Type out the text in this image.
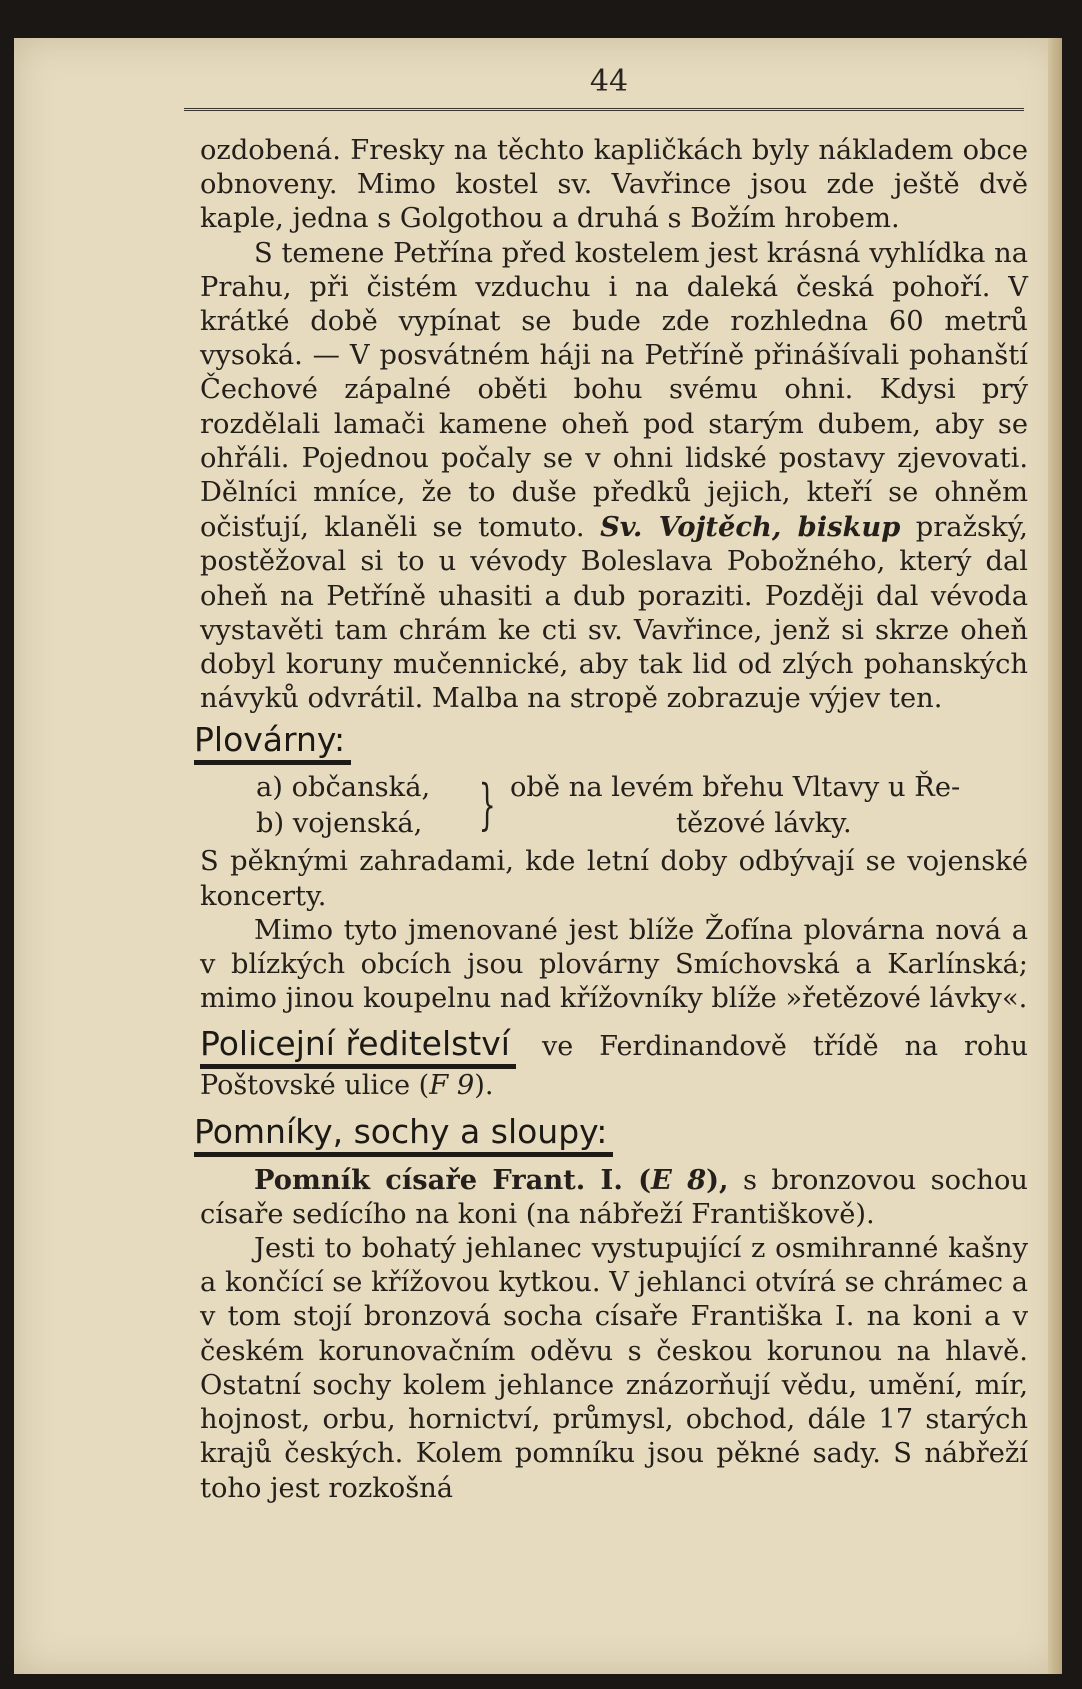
44

ozdobená. Fresky na těchto kapličkách byly nákladem obce obnoveny. Mimo kostel sv. Vavřince jsou zde ještě dvě kaple, jedna s Golgothou a druhá s Božím hrobem.

S temene Petřína před kostelem jest krásná vyhlídka na Prahu, při čistém vzduchu i na daleká česká pohoří. V krátké době vypínat se bude zde rozhledna 60 metrů vysoká. — V posvátném háji na Petříně přinášívali pohanští Čechové zápalné oběti bohu svému ohni. Kdysi prý rozdělali lamači kamene oheň pod starým dubem, aby se ohřáli. Pojednou počaly se v ohni lidské postavy zjevovati. Dělníci mníce, že to duše předků jejich, kteří se ohněm očisťují, klaněli se tomuto. Sv. Vojtěch, biskup pražský, postěžoval si to u vévody Boleslava Pobožného, který dal oheň na Petříně uhasiti a dub poraziti. Později dal vévoda vystavěti tam chrám ke cti sv. Vavřince, jenž si skrze oheň dobyl koruny mučennické, aby tak lid od zlých pohanských návyků odvrátil. Malba na stropě zobrazuje výjev ten.

Plovárny:
a) občanská,
b) vojenská, } obě na levém břehu Vltavy u Ře-
tězové lávky.

S pěknými zahradami, kde letní doby odbývají se vojenské koncerty.

Mimo tyto jmenované jest blíže Žofína plovárna nová a v blízkých obcích jsou plovárny Smíchovská a Karlínská; mimo jinou koupelnu nad křížovníky blíže »řetězové lávky«.

Policejní ředitelství ve Ferdinandově třídě na rohu Poštovské ulice (F 9).

Pomníky, sochy a sloupy:

Pomník císaře Frant. I. (E 8), s bronzovou sochou císaře sedícího na koni (na nábřeží Františkově).

Jesti to bohatý jehlanec vystupující z osmihranné kašny a končící se křížovou kytkou. V jehlanci otvírá se chrámec a v tom stojí bronzová socha císaře Františka I. na koni a v českém korunovačním oděvu s českou korunou na hlavě. Ostatní sochy kolem jehlance znázorňují vědu, umění, mír, hojnost, orbu, hornictví, průmysl, obchod, dále 17 starých krajů českých. Kolem pomníku jsou pěkné sady. S nábřeží toho jest rozkošná
